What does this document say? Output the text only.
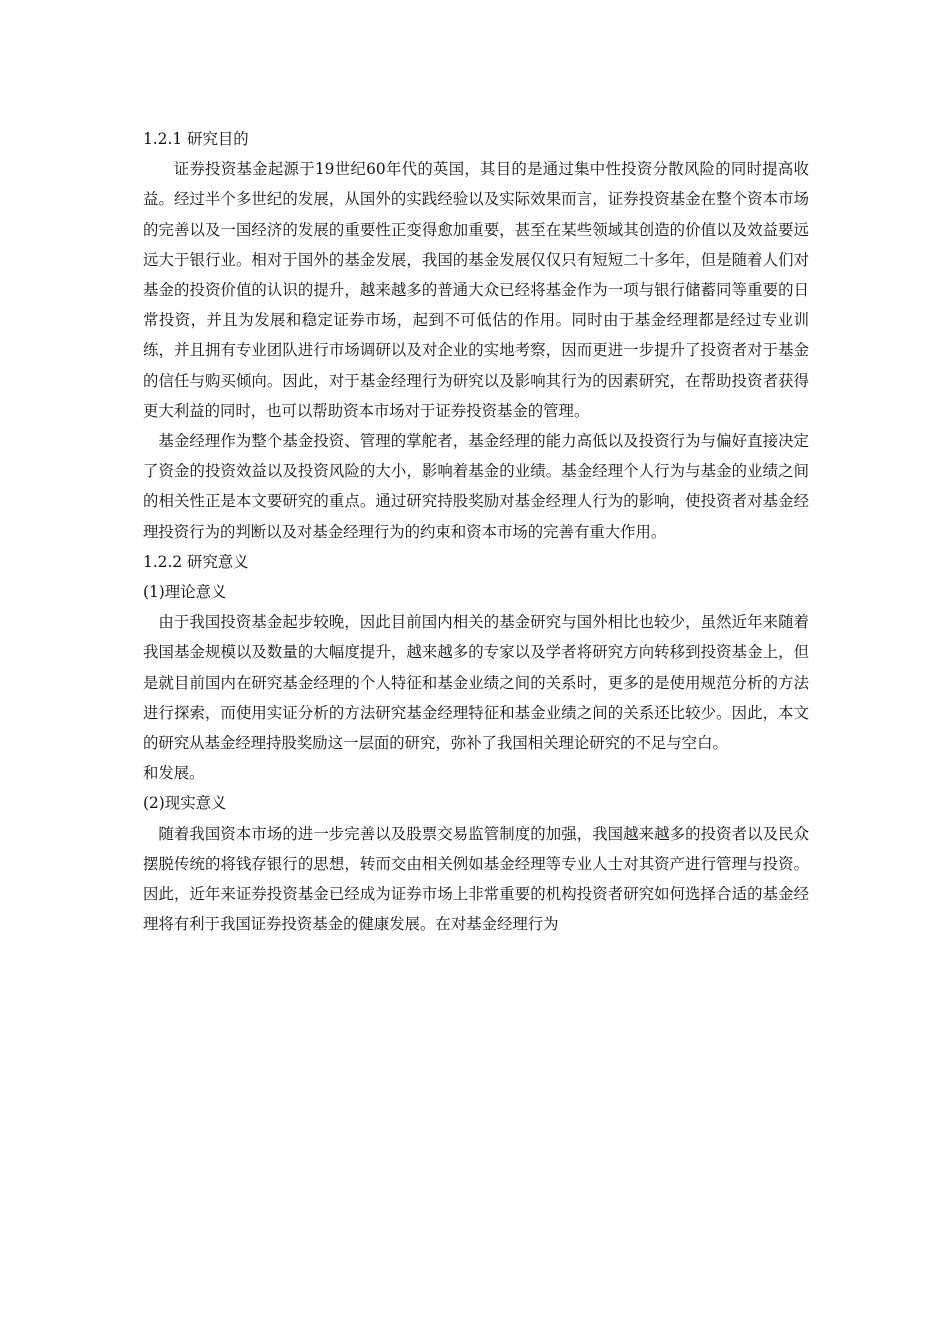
1.2.1 研究目的

证券投资基金起源于19世纪60年代的英国，其目的是通过集中性投资分散风险的同时提高收益。经过半个多世纪的发展，从国外的实践经验以及实际效果而言，证券投资基金在整个资本市场的完善以及一国经济的发展的重要性正变得愈加重要，甚至在某些领域其创造的价值以及效益要远远大于银行业。相对于国外的基金发展，我国的基金发展仅仅只有短短二十多年，但是随着人们对基金的投资价值的认识的提升，越来越多的普通大众已经将基金作为一项与银行储蓄同等重要的日常投资，并且为发展和稳定证券市场，起到不可低估的作用。同时由于基金经理都是经过专业训练，并且拥有专业团队进行市场调研以及对企业的实地考察，因而更进一步提升了投资者对于基金的信任与购买倾向。因此，对于基金经理行为研究以及影响其行为的因素研究，在帮助投资者获得更大利益的同时，也可以帮助资本市场对于证券投资基金的管理。

基金经理作为整个基金投资、管理的掌舵者，基金经理的能力高低以及投资行为与偏好直接决定了资金的投资效益以及投资风险的大小，影响着基金的业绩。基金经理个人行为与基金的业绩之间的相关性正是本文要研究的重点。通过研究持股奖励对基金经理人行为的影响，使投资者对基金经理投资行为的判断以及对基金经理行为的约束和资本市场的完善有重大作用。

1.2.2 研究意义

(1)理论意义

由于我国投资基金起步较晚，因此目前国内相关的基金研究与国外相比也较少，虽然近年来随着我国基金规模以及数量的大幅度提升，越来越多的专家以及学者将研究方向转移到投资基金上，但是就目前国内在研究基金经理的个人特征和基金业绩之间的关系时，更多的是使用规范分析的方法进行探索，而使用实证分析的方法研究基金经理特征和基金业绩之间的关系还比较少。因此，本文的研究从基金经理持股奖励这一层面的研究，弥补了我国相关理论研究的不足与空白。

和发展。

(2)现实意义

随着我国资本市场的进一步完善以及股票交易监管制度的加强，我国越来越多的投资者以及民众摆脱传统的将钱存银行的思想，转而交由相关例如基金经理等专业人士对其资产进行管理与投资。因此，近年来证券投资基金已经成为证券市场上非常重要的机构投资者研究如何选择合适的基金经理将有利于我国证券投资基金的健康发展。在对基金经理行为
